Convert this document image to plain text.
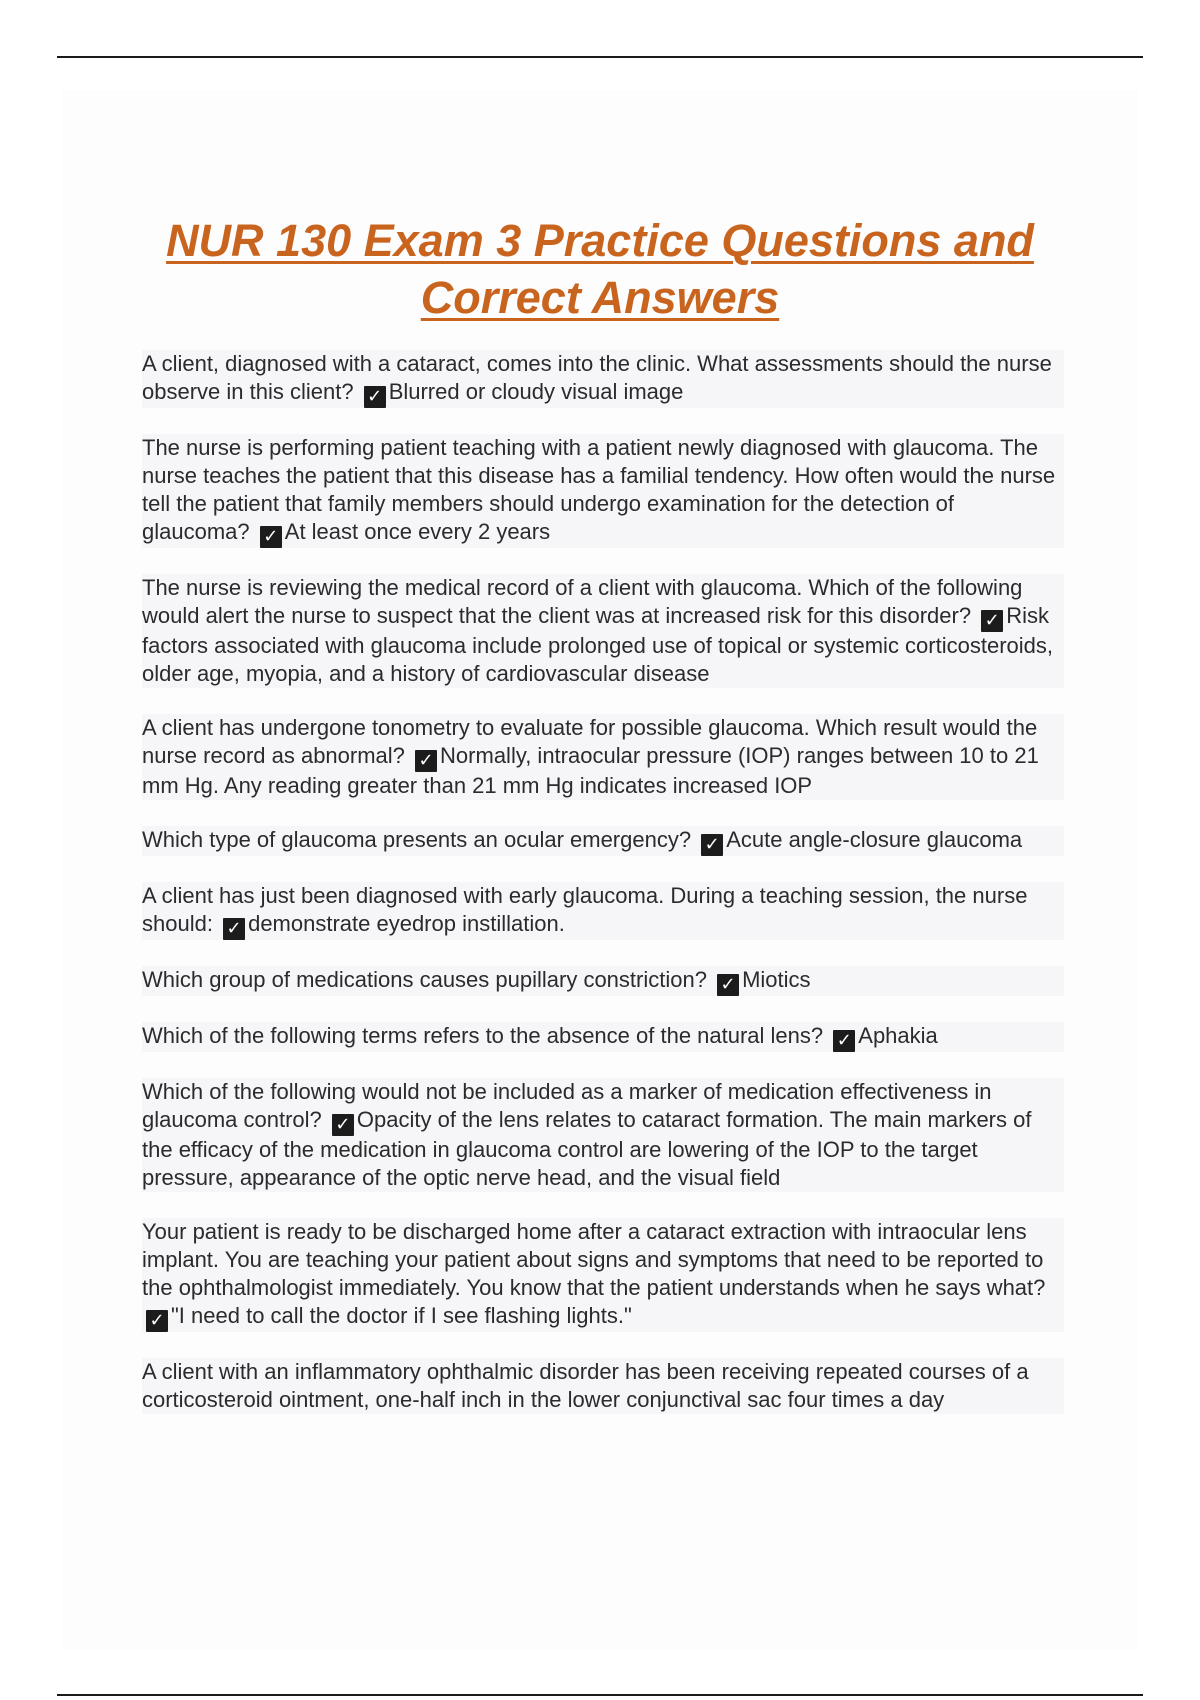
NUR 130 Exam 3 Practice Questions and
Correct Answers
A client, diagnosed with a cataract, comes into the clinic. What assessments should the nurse observe in this client? ✓ Blurred or cloudy visual image
The nurse is performing patient teaching with a patient newly diagnosed with glaucoma. The nurse teaches the patient that this disease has a familial tendency. How often would the nurse tell the patient that family members should undergo examination for the detection of glaucoma? ✓ At least once every 2 years
The nurse is reviewing the medical record of a client with glaucoma. Which of the following would alert the nurse to suspect that the client was at increased risk for this disorder? ✓ Risk factors associated with glaucoma include prolonged use of topical or systemic corticosteroids, older age, myopia, and a history of cardiovascular disease
A client has undergone tonometry to evaluate for possible glaucoma. Which result would the nurse record as abnormal? ✓ Normally, intraocular pressure (IOP) ranges between 10 to 21 mm Hg. Any reading greater than 21 mm Hg indicates increased IOP
Which type of glaucoma presents an ocular emergency? ✓ Acute angle-closure glaucoma
A client has just been diagnosed with early glaucoma. During a teaching session, the nurse should: ✓ demonstrate eyedrop instillation.
Which group of medications causes pupillary constriction? ✓ Miotics
Which of the following terms refers to the absence of the natural lens? ✓ Aphakia
Which of the following would not be included as a marker of medication effectiveness in glaucoma control? ✓ Opacity of the lens relates to cataract formation. The main markers of the efficacy of the medication in glaucoma control are lowering of the IOP to the target pressure, appearance of the optic nerve head, and the visual field
Your patient is ready to be discharged home after a cataract extraction with intraocular lens implant. You are teaching your patient about signs and symptoms that need to be reported to the ophthalmologist immediately. You know that the patient understands when he says what? ✓ "I need to call the doctor if I see flashing lights."
A client with an inflammatory ophthalmic disorder has been receiving repeated courses of a corticosteroid ointment, one-half inch in the lower conjunctival sac four times a day
